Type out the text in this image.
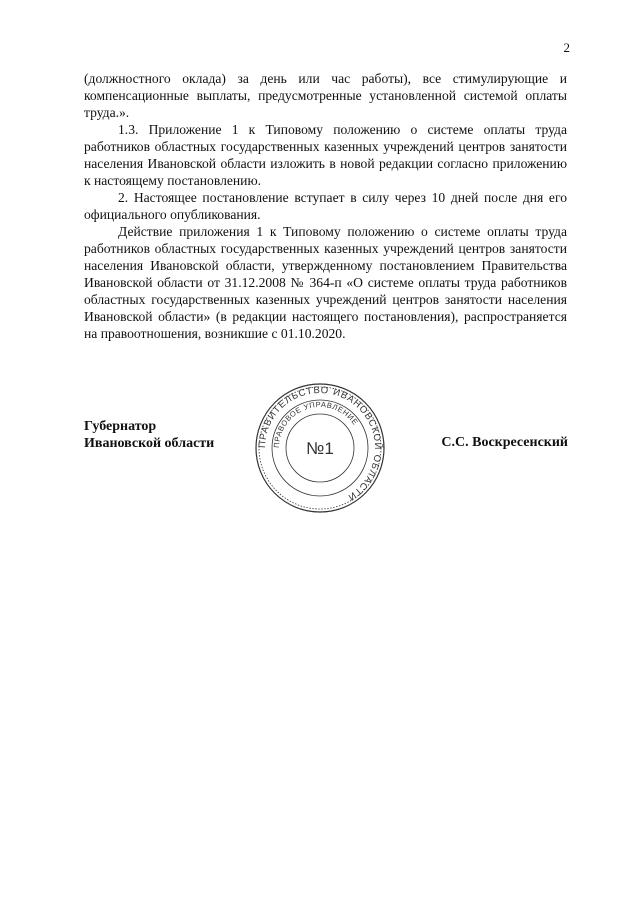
2

(должностного оклада) за день или час работы), все стимулирующие и компенсационные выплаты, предусмотренные установленной системой оплаты труда.».

1.3. Приложение 1 к Типовому положению о системе оплаты труда работников областных государственных казенных учреждений центров занятости населения Ивановской области изложить в новой редакции согласно приложению к настоящему постановлению.

2. Настоящее постановление вступает в силу через 10 дней после дня его официального опубликования.

Действие приложения 1 к Типовому положению о системе оплаты труда работников областных государственных казенных учреждений центров занятости населения Ивановской области, утвержденному постановлением Правительства Ивановской области от 31.12.2008 № 364-п «О системе оплаты труда работников областных государственных казенных учреждений центров занятости населения Ивановской области» (в редакции настоящего постановления), распространяется на правоотношения, возникшие с 01.10.2020.

Губернатор
Ивановской области	С.С. Воскресенский
ПРАВИТЕЛЬСТВО ИВАНОВСКОЙ ОБЛАСТИ
ПРАВОВОЕ УПРАВЛЕНИЕ
№1
